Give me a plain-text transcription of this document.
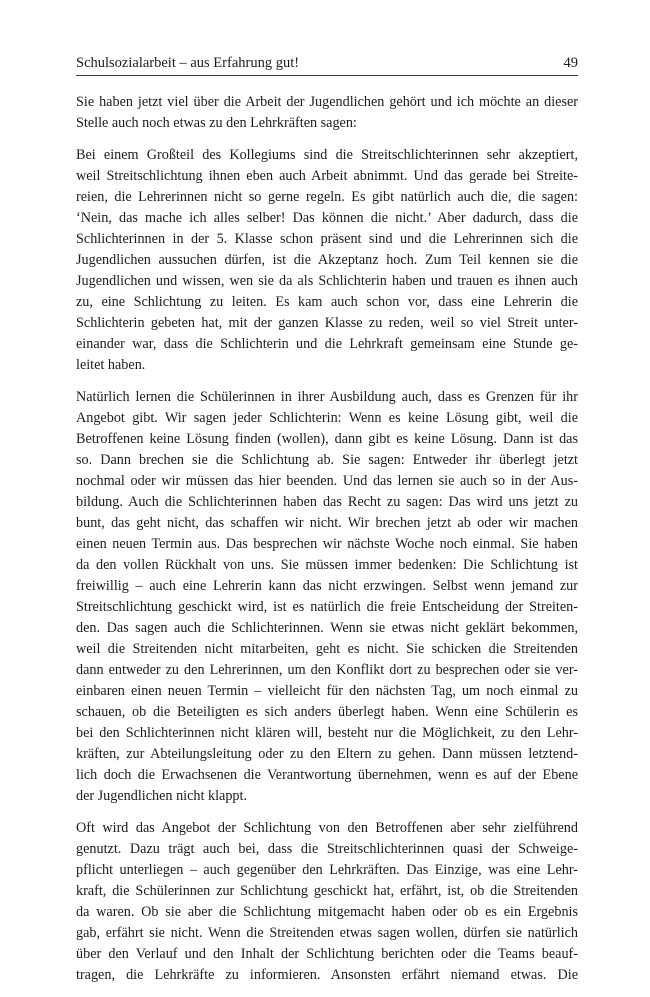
Schulsozialarbeit – aus Erfahrung gut!	49
Sie haben jetzt viel über die Arbeit der Jugendlichen gehört und ich möchte an dieser
Stelle auch noch etwas zu den Lehrkräften sagen:
Bei einem Großteil des Kollegiums sind die Streitschlichterinnen sehr akzeptiert,
weil Streitschlichtung ihnen eben auch Arbeit abnimmt. Und das gerade bei Streite-
reien, die Lehrerinnen nicht so gerne regeln. Es gibt natürlich auch die, die sagen:
‘Nein, das mache ich alles selber! Das können die nicht.’ Aber dadurch, dass die
Schlichterinnen in der 5. Klasse schon präsent sind und die Lehrerinnen sich die
Jugendlichen aussuchen dürfen, ist die Akzeptanz hoch. Zum Teil kennen sie die
Jugendlichen und wissen, wen sie da als Schlichterin haben und trauen es ihnen auch
zu, eine Schlichtung zu leiten. Es kam auch schon vor, dass eine Lehrerin die
Schlichterin gebeten hat, mit der ganzen Klasse zu reden, weil so viel Streit unter-
einander war, dass die Schlichterin und die Lehrkraft gemeinsam eine Stunde ge-
leitet haben.
Natürlich lernen die Schülerinnen in ihrer Ausbildung auch, dass es Grenzen für ihr
Angebot gibt. Wir sagen jeder Schlichterin: Wenn es keine Lösung gibt, weil die
Betroffenen keine Lösung finden (wollen), dann gibt es keine Lösung. Dann ist das
so. Dann brechen sie die Schlichtung ab. Sie sagen: Entweder ihr überlegt jetzt
nochmal oder wir müssen das hier beenden. Und das lernen sie auch so in der Aus-
bildung. Auch die Schlichterinnen haben das Recht zu sagen: Das wird uns jetzt zu
bunt, das geht nicht, das schaffen wir nicht. Wir brechen jetzt ab oder wir machen
einen neuen Termin aus. Das besprechen wir nächste Woche noch einmal. Sie haben
da den vollen Rückhalt von uns. Sie müssen immer bedenken: Die Schlichtung ist
freiwillig – auch eine Lehrerin kann das nicht erzwingen. Selbst wenn jemand zur
Streitschlichtung geschickt wird, ist es natürlich die freie Entscheidung der Streiten-
den. Das sagen auch die Schlichterinnen. Wenn sie etwas nicht geklärt bekommen,
weil die Streitenden nicht mitarbeiten, geht es nicht. Sie schicken die Streitenden
dann entweder zu den Lehrerinnen, um den Konflikt dort zu besprechen oder sie ver-
einbaren einen neuen Termin – vielleicht für den nächsten Tag, um noch einmal zu
schauen, ob die Beteiligten es sich anders überlegt haben. Wenn eine Schülerin es
bei den Schlichterinnen nicht klären will, besteht nur die Möglichkeit, zu den Lehr-
kräften, zur Abteilungsleitung oder zu den Eltern zu gehen. Dann müssen letztend-
lich doch die Erwachsenen die Verantwortung übernehmen, wenn es auf der Ebene
der Jugendlichen nicht klappt.
Oft wird das Angebot der Schlichtung von den Betroffenen aber sehr zielführend
genutzt. Dazu trägt auch bei, dass die Streitschlichterinnen quasi der Schweige-
pflicht unterliegen – auch gegenüber den Lehrkräften. Das Einzige, was eine Lehr-
kraft, die Schülerinnen zur Schlichtung geschickt hat, erfährt, ist, ob die Streitenden
da waren. Ob sie aber die Schlichtung mitgemacht haben oder ob es ein Ergebnis
gab, erfährt sie nicht. Wenn die Streitenden etwas sagen wollen, dürfen sie natürlich
über den Verlauf und den Inhalt der Schlichtung berichten oder die Teams beauf-
tragen, die Lehrkräfte zu informieren. Ansonsten erfährt niemand etwas. Die
